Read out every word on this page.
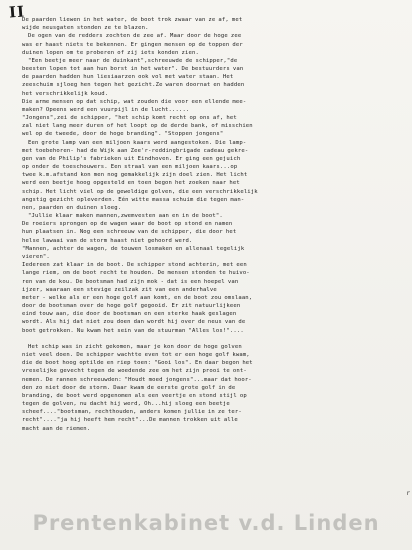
II
De paarden liewen in het water, de boot trok zwaar van ze af, met
wijde neusgaten stonden ze te blazen.
De ogen van de redders zochten de zee af. Maar door de hoge zee
was er haast niets te bekennen. Er gingen mensen op de toppen der
duinen lopen om te proberen of zij iets konden zien.
"Een beetje meer naar de duinkant",schreeuwde de schipper,"de
beesten lopen tot aan hun borst in het water". De bestuurders van
de paarden hadden hun liesiaarzen ook vol met water staan. Het
zeeschuim sjloeg hen tegen het gezicht.Ze waren doornat en hadden
het verschrikkelijk koud.
Die arme mensen op dat schip, wat zouden die voor een ellende mee-
maken? Opeens werd een vuurpijl in de lucht......
"Jongens",zei de schipper, "het schip komt recht op ons af, het
zal niet lang meer duren of het loopt op de derde bank, of misschien
wel op de tweede, door de hoge branding". "Stoppen jongens"
Een grote lamp van een miljoen kaars werd aangestoken. Die lamp-
met toebehoren- had de Wijk aan Zee'r-reddingbrigade cadeau gekre-
gen van de Philip's fabrieken uit Eindhoven. Er ging een gejuich
op onder de toeschouwers. Een straal van een miljoen kaars...op
twee k.m.afstand kon men nog gemakkelijk zijn doel zien. Het licht
werd een beetje hoog opgesteld en toen begon het zoeken naar het
schip. Het licht viel op de geweldige golven, die een verschrikkelijk
angstig gezicht opleverden. Eén witte massa schuim die tegen man-
nen, paarden en duinen sloeg.
"Jullie klaar maken mannen,zwemvesten aan en in de boot".
De roeiers sprongen op de wagen waar de boot op stond en namen
hun plaatsen in. Nog een schreeuw van de schipper, die door het
helse lawaai van de storm haast niet gehoord werd.
"Mannen, achter de wagen, de touwen losmaken en allenaal tegelijk
vieren".
Iedereen zat klaar in de boot. De schipper stond achterin, met een
lange riem, om de boot recht te houden. De mensen stonden te huivo-
ren van de kou. De bootsman had zijn mok - dat is een hoepel van
ijzer, waaraan een stevige zeilzak zit van een anderhalve
meter - welke als er een hoge golf aan komt, en de boot zou omslaan,
door de bootsman over de hoge golf gegooid. Er zit natuurlijkeen
eind touw aan, die door de bootsman en een sterke haak geslagen
wordt. Als hij dat niet zou doen dan wordt hij over de neus van de
boot getrokken. Nu kwam het sein van de stuurman "Alles los!"....
Het schip was in zicht gekomen, maar je kon door de hoge golven
niet veel doen. De schipper wachtte even tot er een hoge golf kwam,
die de boot hoog optilde en riep toen: "Gooi los". En daar begon het
vreselijke gevecht tegen de woedende zee om het zijn prooi te ont-
nemen. De rannen schreeuwden: "Houdt moed jongens"...maar dat hoor-
den zo niet door de storm. Daar kwam de eerste grote golf in de
branding, de boot werd opgenomen als een veertje en stond stijl op
tegen de golven, nu dacht hij werd, Oh...hij sloeg een beetje
scheef...."bootsman, rechthouden, anders komen jullie in ze ter-
recht"...."ja hij heeft hem recht"...De mannen trokken uit alle
macht aan de riemen.
r
Prentenkabinet v.d. Linden
